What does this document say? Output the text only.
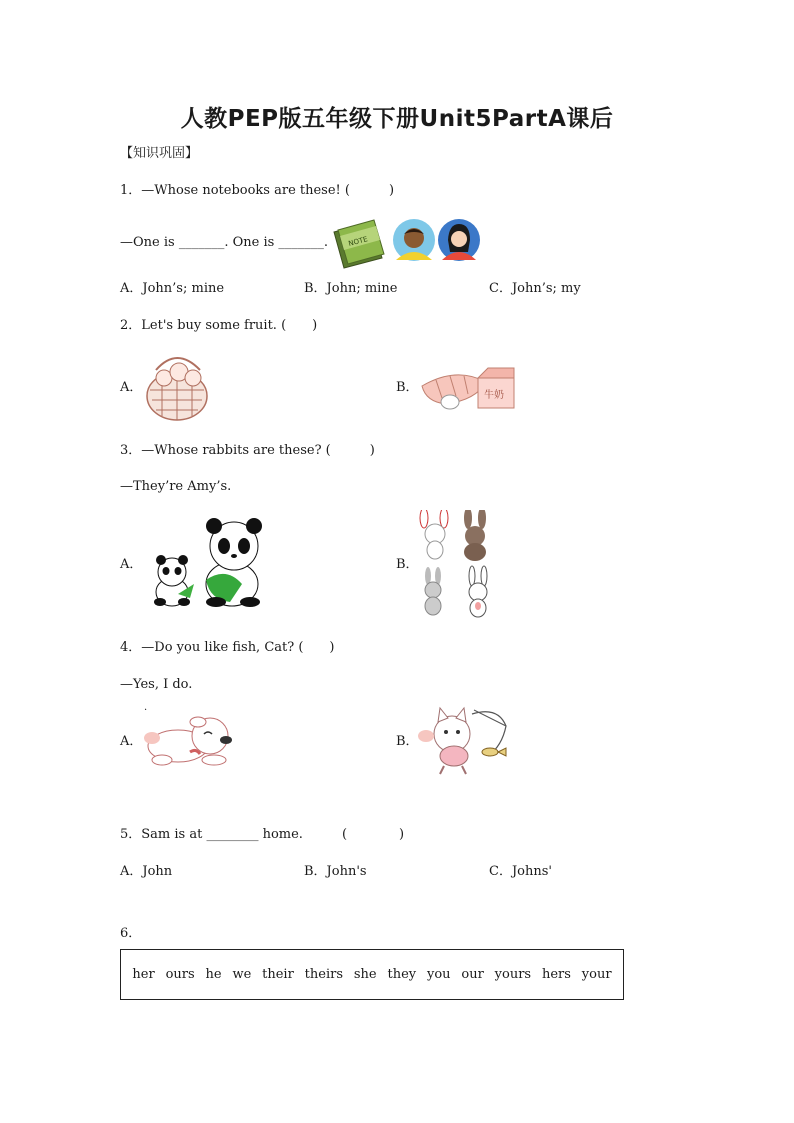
人教PEP版五年级下册Unit5PartA课后
【知识巩固】
1．—Whose notebooks are these! (　　　)
—One is _______. One is _______.	NOTE
A．John’s; mine	B．John; mine	C．John’s; my
2．Let's buy some fruit. (　　)
A．	B．
牛奶
3．—Whose rabbits are these? (　　　)
—They’re Amy’s.
A．	B．
4．—Do you like fish, Cat? (　　)
—Yes, I do.
.
A．	B．
5．Sam is at ________ home.　　　(　　　　)
A．John	B．John's	C．Johns'
6．
her ours he we their theirs she they you our yours hers your
